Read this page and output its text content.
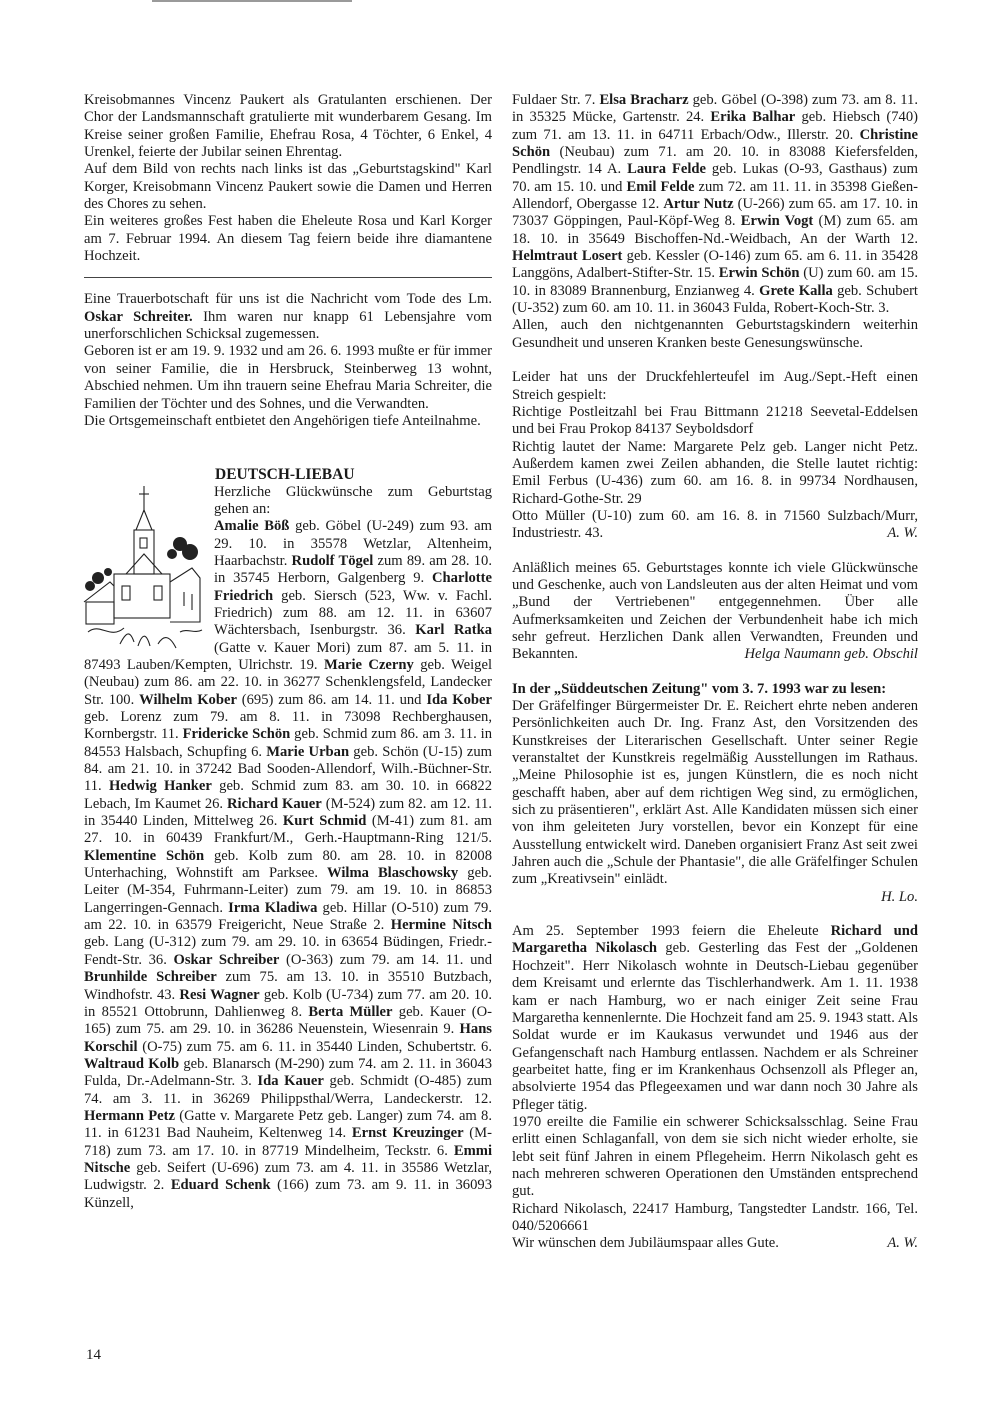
Kreisobmannes Vincenz Paukert als Gratulanten erschienen. Der Chor der Landsmannschaft gratulierte mit wunderbarem Gesang. Im Kreise seiner großen Familie, Ehefrau Rosa, 4 Töchter, 6 Enkel, 4 Urenkel, feierte der Jubilar seinen Ehrentag.

Auf dem Bild von rechts nach links ist das „Geburtstagskind" Karl Korger, Kreisobmann Vincenz Paukert sowie die Damen und Herren des Chores zu sehen.

Ein weiteres großes Fest haben die Eheleute Rosa und Karl Korger am 7. Februar 1994. An diesem Tag feiern beide ihre diamantene Hochzeit.

Eine Trauerbotschaft für uns ist die Nachricht vom Tode des Lm. Oskar Schreiter. Ihm waren nur knapp 61 Lebensjahre vom unerforschlichen Schicksal zugemessen.

Geboren ist er am 19. 9. 1932 und am 26. 6. 1993 mußte er für immer von seiner Familie, die in Hersbruck, Steinberweg 13 wohnt, Abschied nehmen. Um ihn trauern seine Ehefrau Maria Schreiter, die Familien der Töchter und des Sohnes, und die Verwandten.

Die Ortsgemeinschaft entbietet den Angehörigen tiefe Anteilnahme.

DEUTSCH-LIEBAU

Herzliche Glückwünsche zum Geburtstag gehen an:

Amalie Böß geb. Göbel (U-249) zum 93. am 29. 10. in 35578 Wetzlar, Altenheim, Haarbachstr. Rudolf Tögel zum 89. am 28. 10. in 35745 Herborn, Galgenberg 9. Charlotte Friedrich geb. Siersch (523, Ww. v. Fachl. Friedrich) zum 88. am 12. 11. in 63607 Wächtersbach, Isenburgstr. 36. Karl Ratka (Gatte v. Kauer Mori) zum 87. am 5. 11. in 87493 Lauben/Kempten, Ulrichstr. 19. Marie Czerny geb. Weigel (Neubau) zum 86. am 22. 10. in 36277 Schenklengsfeld, Landecker Str. 100. Wilhelm Kober (695) zum 86. am 14. 11. und Ida Kober geb. Lorenz zum 79. am 8. 11. in 73098 Rechberghausen, Kornbergstr. 11. Fridericke Schön geb. Schmid zum 86. am 3. 11. in 84553 Halsbach, Schupfing 6. Marie Urban geb. Schön (U-15) zum 84. am 21. 10. in 37242 Bad Sooden-Allendorf, Wilh.-Büchner-Str. 11. Hedwig Hanker geb. Schmid zum 83. am 30. 10. in 66822 Lebach, Im Kaumet 26. Richard Kauer (M-524) zum 82. am 12. 11. in 35440 Linden, Mittelweg 26. Kurt Schmid (M-41) zum 81. am 27. 10. in 60439 Frankfurt/M., Gerh.-Hauptmann-Ring 121/5. Klementine Schön geb. Kolb zum 80. am 28. 10. in 82008 Unterhaching, Wohnstift am Parksee. Wilma Blaschowsky geb. Leiter (M-354, Fuhrmann-Leiter) zum 79. am 19. 10. in 86853 Langerringen-Gennach. Irma Kladiwa geb. Hillar (O-510) zum 79. am 22. 10. in 63579 Freigericht, Neue Straße 2. Hermine Nitsch geb. Lang (U-312) zum 79. am 29. 10. in 63654 Büdingen, Friedr.-Fendt-Str. 36. Oskar Schreiber (O-363) zum 79. am 14. 11. und Brunhilde Schreiber zum 75. am 13. 10. in 35510 Butzbach, Windhofstr. 43. Resi Wagner geb. Kolb (U-734) zum 77. am 20. 10. in 85521 Ottobrunn, Dahlienweg 8. Berta Müller geb. Kauer (O-165) zum 75. am 29. 10. in 36286 Neuenstein, Wiesenrain 9. Hans Korschil (O-75) zum 75. am 6. 11. in 35440 Linden, Schubertstr. 6. Waltraud Kolb geb. Blanarsch (M-290) zum 74. am 2. 11. in 36043 Fulda, Dr.-Adelmann-Str. 3. Ida Kauer geb. Schmidt (O-485) zum 74. am 3. 11. in 36269 Philippsthal/Werra, Landeckerstr. 12. Hermann Petz (Gatte v. Margarete Petz geb. Langer) zum 74. am 8. 11. in 61231 Bad Nauheim, Keltenweg 14. Ernst Kreuzinger (M-718) zum 73. am 17. 10. in 87719 Mindelheim, Teckstr. 6. Emmi Nitsche geb. Seifert (U-696) zum 73. am 4. 11. in 35586 Wetzlar, Ludwigstr. 2. Eduard Schenk (166) zum 73. am 9. 11. in 36093 Künzell,

Fuldaer Str. 7. Elsa Bracharz geb. Göbel (O-398) zum 73. am 8. 11. in 35325 Mücke, Gartenstr. 24. Erika Balhar geb. Hiebsch (740) zum 71. am 13. 11. in 64711 Erbach/Odw., Illerstr. 20. Christine Schön (Neubau) zum 71. am 20. 10. in 83088 Kiefersfelden, Pendlingstr. 14 A. Laura Felde geb. Lukas (O-93, Gasthaus) zum 70. am 15. 10. und Emil Felde zum 72. am 11. 11. in 35398 Gießen-Allendorf, Obergasse 12. Artur Nutz (U-266) zum 65. am 17. 10. in 73037 Göppingen, Paul-Köpf-Weg 8. Erwin Vogt (M) zum 65. am 18. 10. in 35649 Bischoffen-Nd.-Weidbach, An der Warth 12. Helmtraut Losert geb. Kessler (O-146) zum 65. am 6. 11. in 35428 Langgöns, Adalbert-Stifter-Str. 15. Erwin Schön (U) zum 60. am 15. 10. in 83089 Brannenburg, Enzianweg 4. Grete Kalla geb. Schubert (U-352) zum 60. am 10. 11. in 36043 Fulda, Robert-Koch-Str. 3.

Allen, auch den nichtgenannten Geburtstagskindern weiterhin Gesundheit und unseren Kranken beste Genesungswünsche.

Leider hat uns der Druckfehlerteufel im Aug./Sept.-Heft einen Streich gespielt:

Richtige Postleitzahl bei Frau Bittmann 21218 Seevetal-Eddelsen und bei Frau Prokop 84137 Seyboldsdorf

Richtig lautet der Name: Margarete Pelz geb. Langer nicht Petz. Außerdem kamen zwei Zeilen abhanden, die Stelle lautet richtig: Emil Ferbus (U-436) zum 60. am 16. 8. in 99734 Nordhausen, Richard-Gothe-Str. 29

Otto Müller (U-10) zum 60. am 16. 8. in 71560 Sulzbach/Murr, Industriestr. 43.	A. W.

Anläßlich meines 65. Geburtstages konnte ich viele Glückwünsche und Geschenke, auch von Landsleuten aus der alten Heimat und vom „Bund der Vertriebenen" entgegennehmen. Über alle Aufmerksamkeiten und Zeichen der Verbundenheit habe ich mich sehr gefreut. Herzlichen Dank allen Verwandten, Freunden und Bekannten.	Helga Naumann geb. Obschil

In der „Süddeutschen Zeitung" vom 3. 7. 1993 war zu lesen:

Der Gräfelfinger Bürgermeister Dr. E. Reichert ehrte neben anderen Persönlichkeiten auch Dr. Ing. Franz Ast, den Vorsitzenden des Kunstkreises der Literarischen Gesellschaft. Unter seiner Regie veranstaltet der Kunstkreis regelmäßig Ausstellungen im Rathaus. „Meine Philosophie ist es, jungen Künstlern, die es noch nicht geschafft haben, aber auf dem richtigen Weg sind, zu ermöglichen, sich zu präsentieren", erklärt Ast. Alle Kandidaten müssen sich einer von ihm geleiteten Jury vorstellen, bevor ein Konzept für eine Ausstellung entwickelt wird. Daneben organisiert Franz Ast seit zwei Jahren auch die „Schule der Phantasie", die alle Gräfelfinger Schulen zum „Kreativsein" einlädt.

H. Lo.

Am 25. September 1993 feiern die Eheleute Richard und Margaretha Nikolasch geb. Gesterling das Fest der „Goldenen Hochzeit". Herr Nikolasch wohnte in Deutsch-Liebau gegenüber dem Kreisamt und erlernte das Tischlerhandwerk. Am 1. 11. 1938 kam er nach Hamburg, wo er nach einiger Zeit seine Frau Margaretha kennenlernte. Die Hochzeit fand am 25. 9. 1943 statt. Als Soldat wurde er im Kaukasus verwundet und 1946 aus der Gefangenschaft nach Hamburg entlassen. Nachdem er als Schreiner gearbeitet hatte, fing er im Krankenhaus Ochsenzoll als Pfleger an, absolvierte 1954 das Pflegeexamen und war dann noch 30 Jahre als Pfleger tätig.

1970 ereilte die Familie ein schwerer Schicksalsschlag. Seine Frau erlitt einen Schlaganfall, von dem sie sich nicht wieder erholte, sie lebt seit fünf Jahren in einem Pflegeheim. Herrn Nikolasch geht es nach mehreren schweren Operationen den Umständen entsprechend gut.

Richard Nikolasch, 22417 Hamburg, Tangstedter Landstr. 166, Tel. 040/5206661

Wir wünschen dem Jubiläumspaar alles Gute.	A. W.

14
